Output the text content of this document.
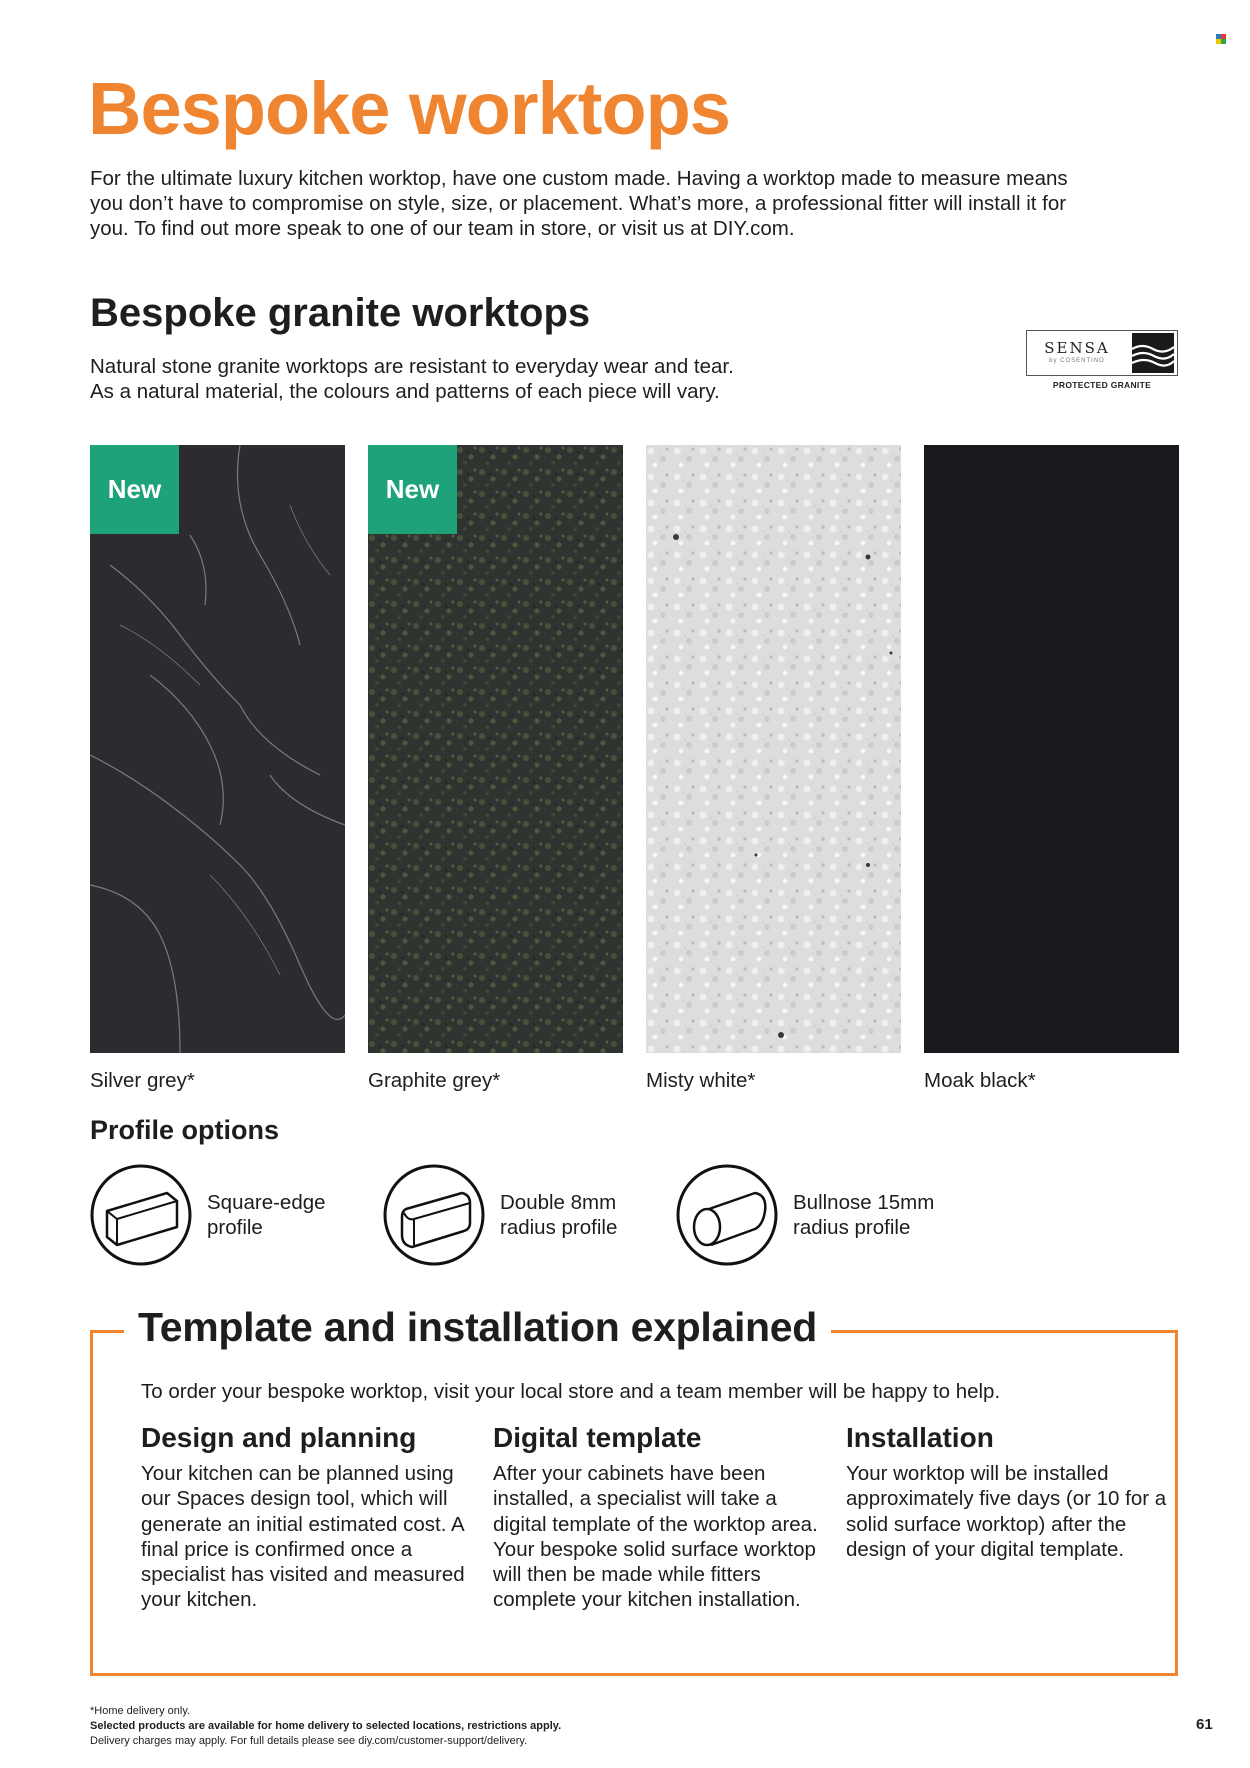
Bespoke worktops

For the ultimate luxury kitchen worktop, have one custom made. Having a worktop made to measure means you don’t have to compromise on style, size, or placement. What’s more, a professional fitter will install it for you. To find out more speak to one of our team in store, or visit us at DIY.com.

Bespoke granite worktops

Natural stone granite worktops are resistant to everyday wear and tear.
As a natural material, the colours and patterns of each piece will vary.

SENSA
by COSENTINO
PROTECTED GRANITE
New	New
Silver grey*	Graphite grey*	Misty white*	Moak black*
Profile options
Square-edge
profile
Double 8mm
radius profile
Bullnose 15mm
radius profile
Template and installation explained

To order your bespoke worktop, visit your local store and a team member will be happy to help.

Design and planning

Your kitchen can be planned using our Spaces design tool, which will generate an initial estimated cost. A final price is confirmed once a specialist has visited and measured your kitchen.

Digital template

After your cabinets have been installed, a specialist will take a digital template of the worktop area. Your bespoke solid surface worktop will then be made while fitters complete your kitchen installation.

Installation

Your worktop will be installed approximately five days (or 10 for a solid surface worktop) after the design of your digital template.

*Home delivery only.
Selected products are available for home delivery to selected locations, restrictions apply.
Delivery charges may apply. For full details please see diy.com/customer-support/delivery.
61
